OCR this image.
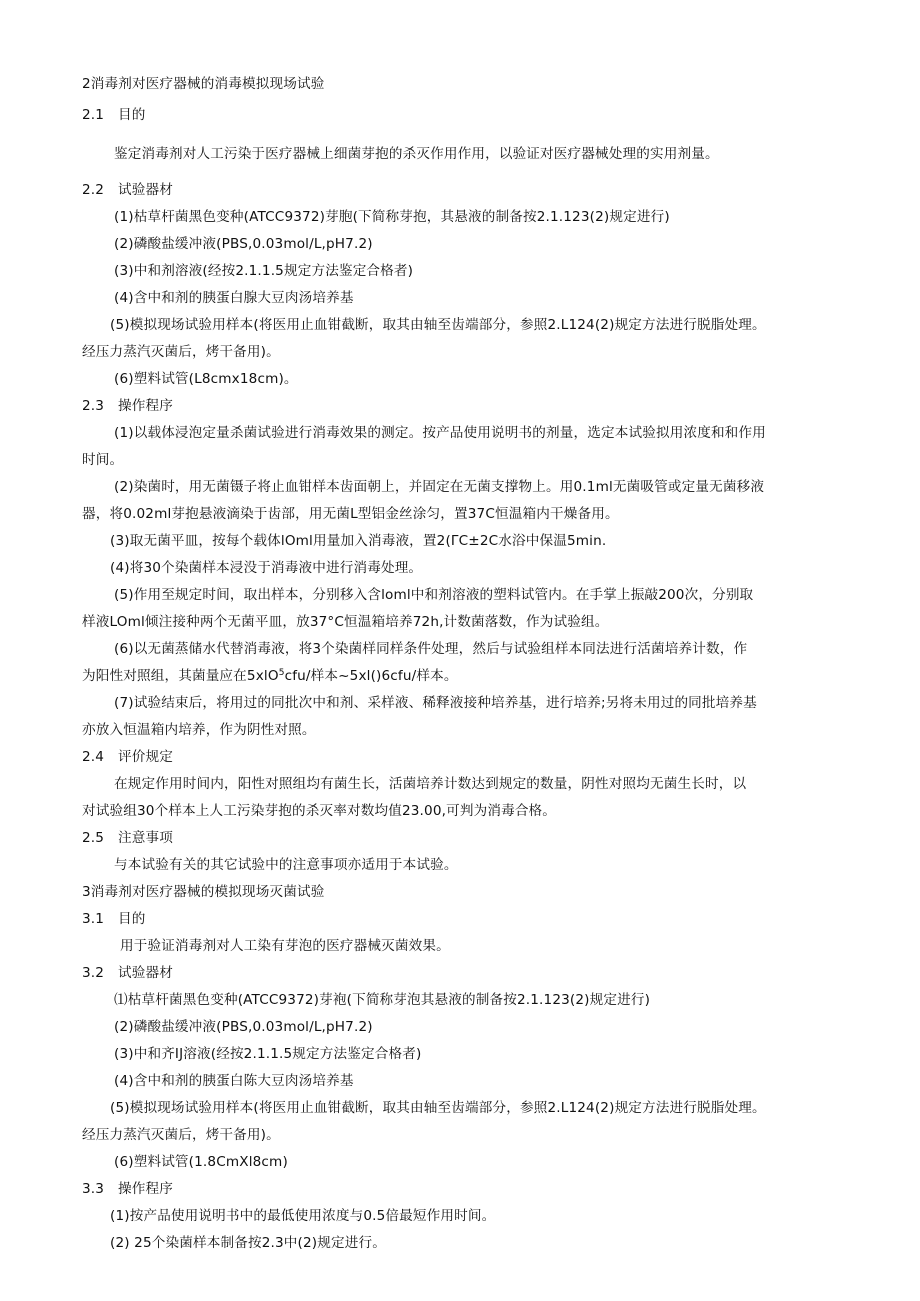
2消毒剂对医疗器械的消毒模拟现场试验
2.1 目的
鉴定消毒剂对人工污染于医疗器械上细菌芽抱的杀灭作用作用，以验证对医疗器械处理的实用剂量。
2.2 试验器材
(1)枯草杆菌黑色变种(ATCC9372)芽胞(下简称芽抱，其悬液的制备按2.1.123(2)规定进行)
(2)磷酸盐缓冲液(PBS,0.03mol∕L,pH7.2)
(3)中和剂溶液(经按2.1.1.5规定方法鉴定合格者)
(4)含中和剂的胰蛋白腺大豆肉汤培养基
(5)模拟现场试验用样本(将医用止血钳截断，取其由轴至齿端部分，参照2.L124(2)规定方法进行脱脂处理。
经压力蒸汽灭菌后，烤干备用)。
(6)塑料试管(L8cmx18cm)。
2.3 操作程序
(1)以载体浸泡定量杀菌试验进行消毒效果的测定。按产品使用说明书的剂量，选定本试验拟用浓度和和作用
时间。
(2)染菌时，用无菌镊子将止血钳样本齿面朝上，并固定在无菌支撑物上。用0.1ml无菌吸管或定量无菌移液
器，将0.02ml芽抱悬液滴染于齿部，用无菌L型铝金丝涂匀，置37C恒温箱内干燥备用。
(3)取无菌平皿，按每个载体lOml用量加入消毒液，置2(ΓC±2C水浴中保温5min.
(4)将30个染菌样本浸没于消毒液中进行消毒处理。
(5)作用至规定时间，取出样本，分别移入含loml中和剂溶液的塑料试管内。在手掌上振敲200次，分别取
样液LOml倾注接种两个无菌平皿，放37°C恒温箱培养72h,计数菌落数，作为试验组。
(6)以无菌蒸储水代替消毒液，将3个染菌样同样条件处理，然后与试验组样本同法进行活菌培养计数，作
为阳性对照组，其菌量应在5xlO$^5$cfu/样本~5xl()6cfu/样本。
(7)试验结束后，将用过的同批次中和剂、采样液、稀释液接种培养基，进行培养;另将未用过的同批培养基
亦放入恒温箱内培养，作为阴性对照。
2.4 评价规定
在规定作用时间内，阳性对照组均有菌生长，活菌培养计数达到规定的数量，阴性对照均无菌生长时，以
对试验组30个样本上人工污染芽抱的杀灭率对数均值23.00,可判为消毒合格。
2.5 注意事项
与本试验有关的其它试验中的注意事项亦适用于本试验。
3消毒剂对医疗器械的模拟现场灭菌试验
3.1 目的
用于验证消毒剂对人工染有芽泡的医疗器械灭菌效果。
3.2 试验器材
⑴枯草杆菌黑色变种(ATCC9372)芽袍(下简称芽泡其悬液的制备按2.1.123(2)规定进行)
(2)磷酸盐缓冲液(PBS,0.03mol∕L,pH7.2)
(3)中和齐IJ溶液(经按2.1.1.5规定方法鉴定合格者)
(4)含中和剂的胰蛋白陈大豆肉汤培养基
(5)模拟现场试验用样本(将医用止血钳截断，取其由轴至齿端部分，参照2.L124(2)规定方法进行脱脂处理。
经压力蒸汽灭菌后，烤干备用)。
(6)塑料试管(1.8CmXl8cm)
3.3 操作程序
(1)按产品使用说明书中的最低使用浓度与0.5倍最短作用时间。
(2) 25个染菌样本制备按2.3中(2)规定进行。
